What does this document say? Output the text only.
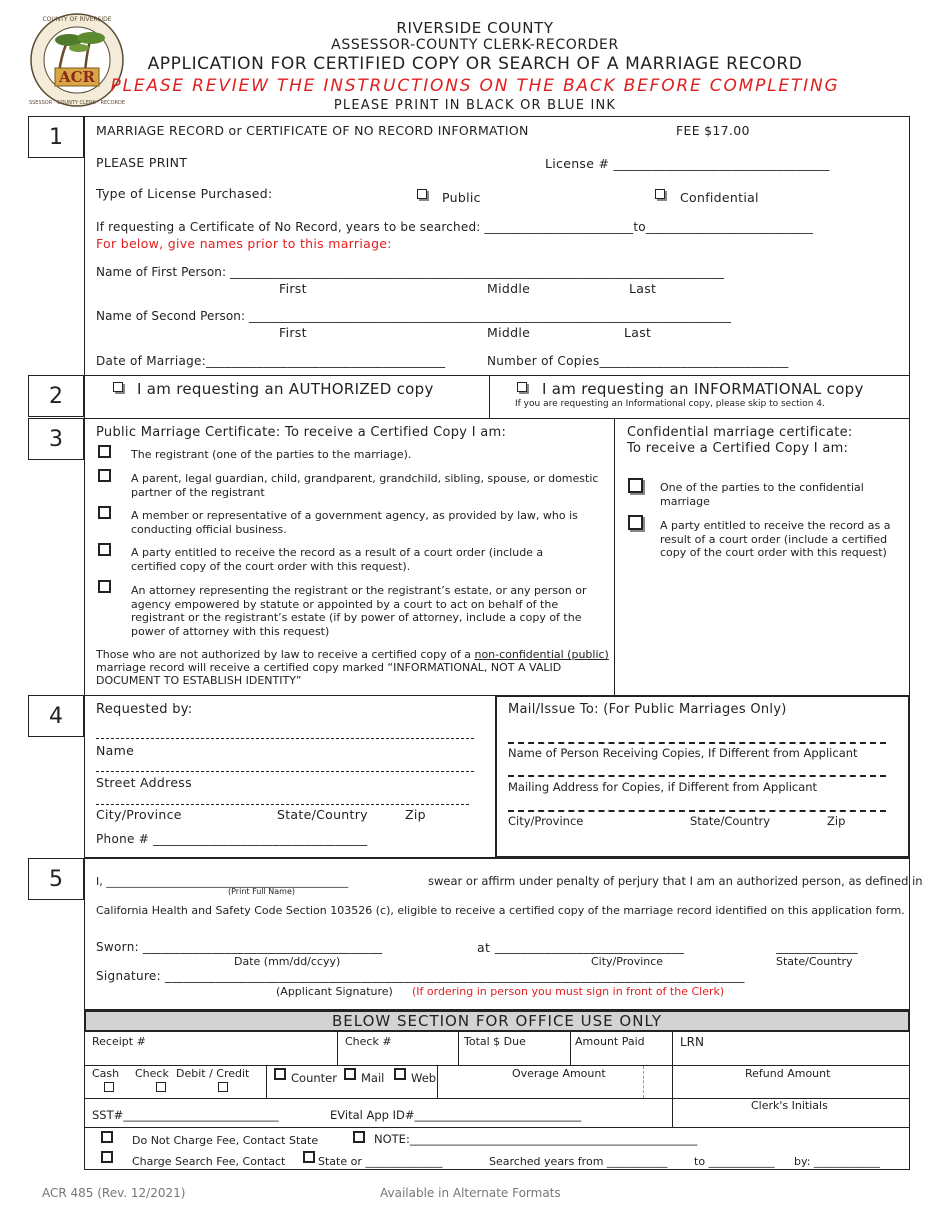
ACR
COUNTY OF RIVERSIDE
ASSESSOR · COUNTY CLERK · RECORDER
RIVERSIDE COUNTY
ASSESSOR-COUNTY CLERK-RECORDER
APPLICATION FOR CERTIFIED COPY OR SEARCH OF A MARRIAGE RECORD
PLEASE REVIEW THE INSTRUCTIONS ON THE BACK BEFORE COMPLETING
PLEASE PRINT IN BLACK OR BLUE INK
1	MARRIAGE RECORD or CERTIFICATE OF NO RECORD INFORMATION	FEE $17.00
PLEASE PRINT	License # _________________________________
Type of License Purchased:	Public	Confidential
If requesting a Certificate of No Record, years to be searched: ________________________to___________________________
For below, give names prior to this marriage:
Name of First Person: _________________________________________________________________________________
First	Middle	Last
Name of Second Person: _______________________________________________________________________________
First	Middle	Last
Date of Marriage:______________________________________	Number of Copies______________________________
2	I am requesting an AUTHORIZED copy	I am requesting an INFORMATIONAL copy
If you are requesting an Informational copy, please skip to section 4.
3	Public Marriage Certificate: To receive a Certified Copy I am:
The registrant (one of the parties to the marriage).
A parent, legal guardian, child, grandparent, grandchild, sibling, spouse, or domestic partner of the registrant
A member or representative of a government agency, as provided by law, who is conducting official business.
A party entitled to receive the record as a result of a court order (include a certified copy of the court order with this request).
An attorney representing the registrant or the registrant’s estate, or any person or agency empowered by statute or appointed by a court to act on behalf of the registrant or the registrant’s estate (if by power of attorney, include a copy of the power of attorney with this request)
Those who are not authorized by law to receive a certified copy of a non-confidential (public) marriage record will receive a certified copy marked “INFORMATIONAL, NOT A VALID DOCUMENT TO ESTABLISH IDENTITY”
Confidential marriage certificate:
To receive a Certified Copy I am:
One of the parties to the confidential marriage
A party entitled to receive the record as a result of a court order (include a certified copy of the court order with this request)
4	Requested by:
Name
Street Address
City/Province	State/Country	Zip
Phone # __________________________________
Mail/Issue To: (For Public Marriages Only)
Name of Person Receiving Copies, If Different from Applicant
Mailing Address for Copies, if Different from Applicant
City/Province	State/Country	Zip
5	I, ____________________________________________	swear or affirm under penalty of perjury that I am an authorized person, as defined in
(Print Full Name)
California Health and Safety Code Section 103526 (c), eligible to receive a certified copy of the marriage record identified on this application form.
Sworn: ______________________________________	at ______________________________	_____________
Date (mm/dd/ccyy)	City/Province	State/Country
Signature: ____________________________________________________________________________________________
(Applicant Signature) (If ordering in person you must sign in front of the Clerk)
BELOW SECTION FOR OFFICE USE ONLY
Receipt #	Check #	Total $ Due	Amount Paid	LRN
Cash Check Debit / Credit	Counter Mail Web	Overage Amount	Refund Amount
SST#___________________________	EVital App ID#_____________________________
Clerk's Initials
Do Not Charge Fee, Contact State	NOTE:__________________________________________________
Charge Search Fee, Contact	State or ______________	Searched years from ___________ to ____________ by: ____________
ACR 485 (Rev. 12/2021)	Available in Alternate Formats
